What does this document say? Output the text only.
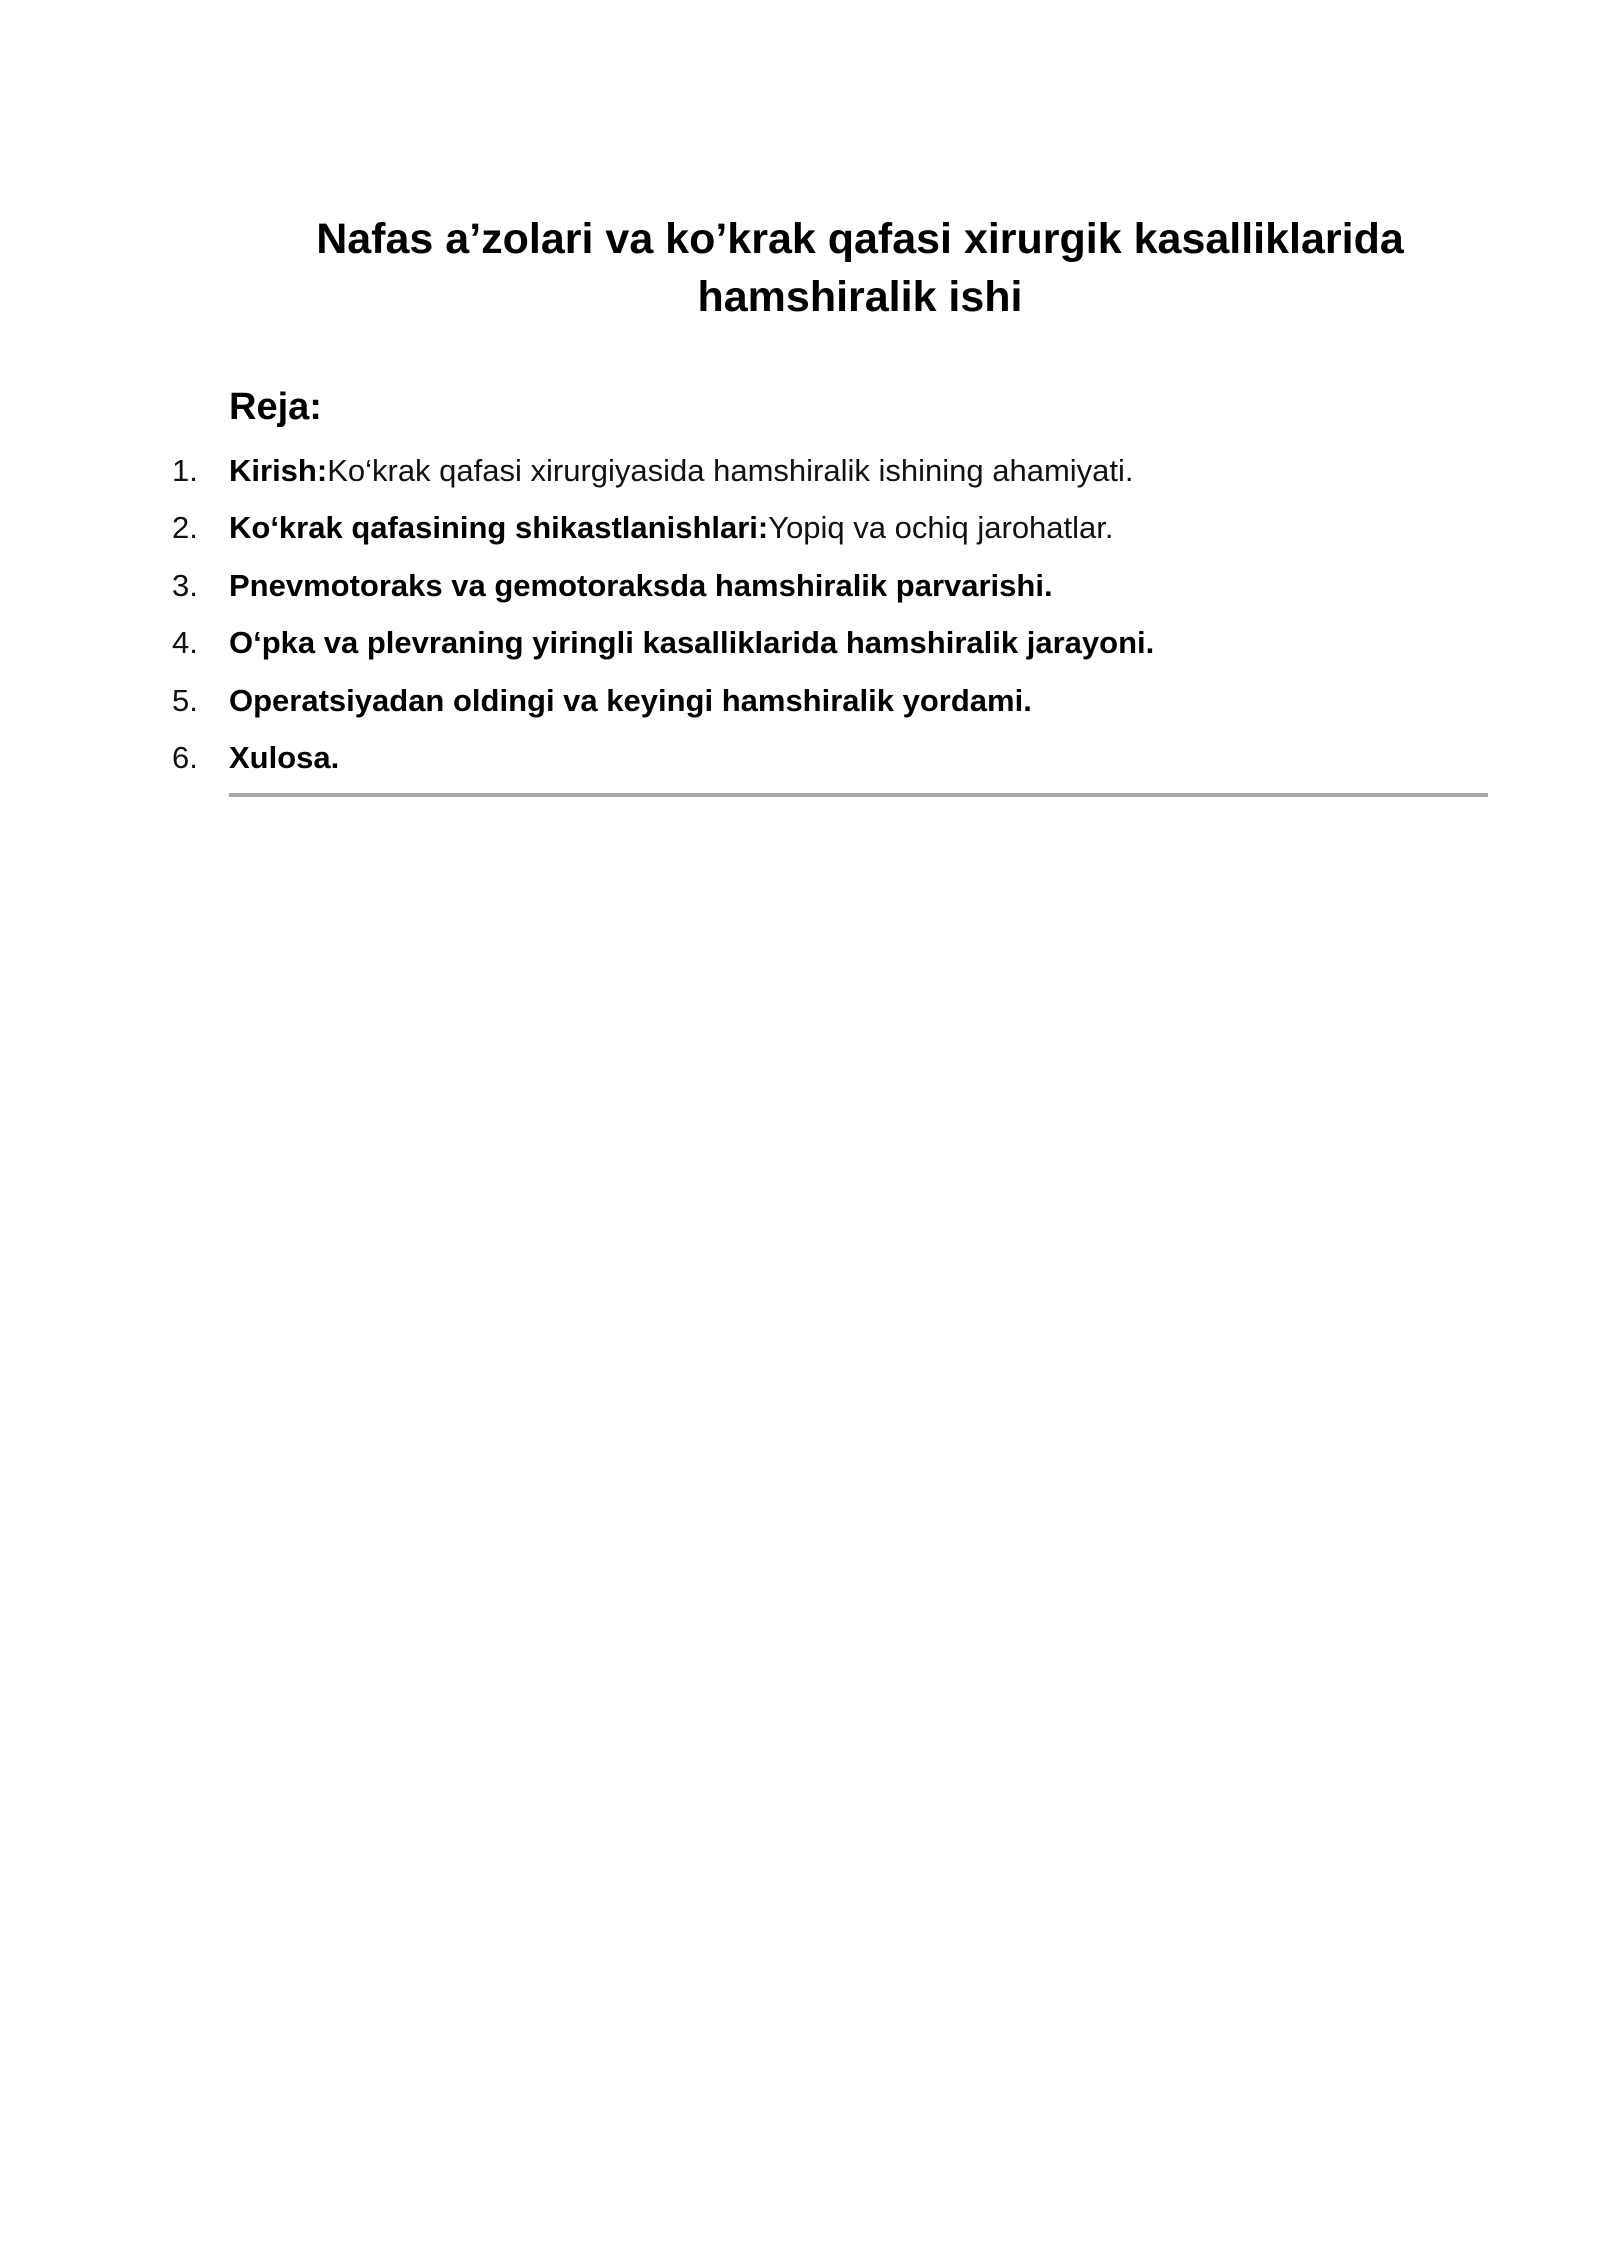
Nafas a’zolari va ko’krak qafasi xirurgik kasalliklarida hamshiralik ishi
Reja:
1.	Kirish: Ko‘krak qafasi xirurgiyasida hamshiralik ishining ahamiyati.
2.	Ko‘krak qafasining shikastlanishlari: Yopiq va ochiq jarohatlar.
3.	Pnevmotoraks va gemotoraksda hamshiralik parvarishi.
4.	O‘pka va plevraning yiringli kasalliklarida hamshiralik jarayoni.
5.	Operatsiyadan oldingi va keyingi hamshiralik yordami.
6.	Xulosa.
